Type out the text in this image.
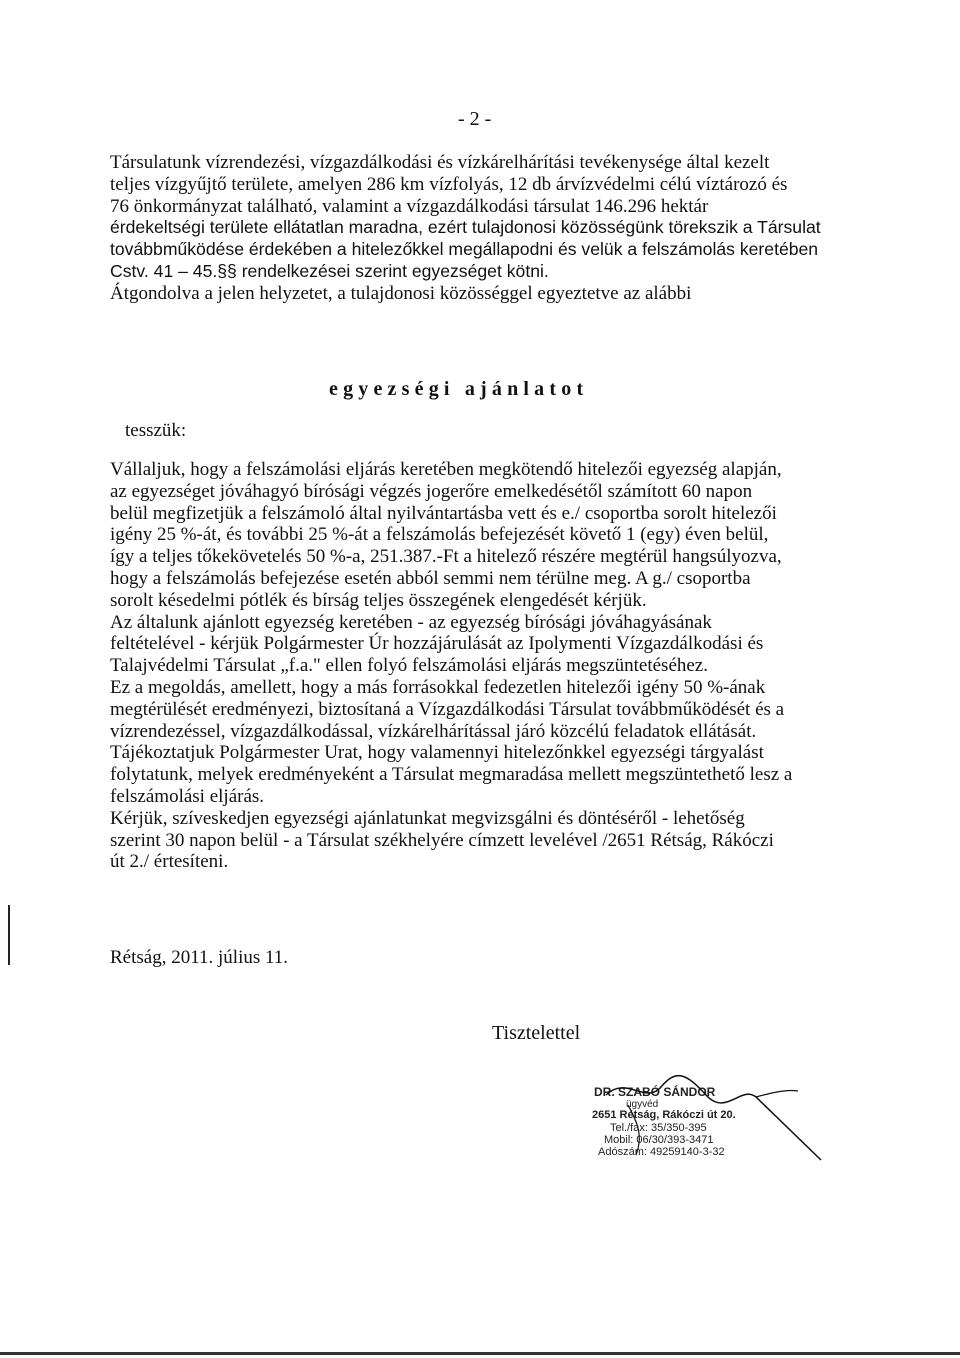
- 2 -
Társulatunk vízrendezési, vízgazdálkodási és vízkárelhárítási tevékenysége által kezelt
teljes vízgyűjtő területe, amelyen 286 km vízfolyás, 12 db árvízvédelmi célú víztározó és
76 önkormányzat található, valamint a vízgazdálkodási társulat 146.296 hektár
érdekeltségi területe ellátatlan maradna, ezért tulajdonosi közösségünk törekszik a Társulat
továbbműködése érdekében a hitelezőkkel megállapodni és velük a felszámolás keretében
Cstv. 41 – 45.§§ rendelkezései szerint egyezséget kötni.
Átgondolva a jelen helyzetet, a tulajdonosi közösséggel egyeztetve az alábbi
egyezségi ajánlatot
tesszük:
Vállaljuk, hogy a felszámolási eljárás keretében megkötendő hitelezői egyezség alapján,
az egyezséget jóváhagyó bírósági végzés jogerőre emelkedésétől számított 60 napon
belül megfizetjük a felszámoló által nyilvántartásba vett és e./ csoportba sorolt hitelezői
igény 25 %-át, és további 25 %-át a felszámolás befejezését követő 1 (egy) éven belül,
így a teljes tőkekövetelés 50 %-a, 251.387.-Ft a hitelező részére megtérül hangsúlyozva,
hogy a felszámolás befejezése esetén abból semmi nem térülne meg. A g./ csoportba
sorolt késedelmi pótlék és bírság teljes összegének elengedését kérjük.
Az általunk ajánlott egyezség keretében - az egyezség bírósági jóváhagyásának
feltételével - kérjük Polgármester Úr hozzájárulását az Ipolymenti Vízgazdálkodási és
Talajvédelmi Társulat „f.a." ellen folyó felszámolási eljárás megszüntetéséhez.
Ez a megoldás, amellett, hogy a más forrásokkal fedezetlen hitelezői igény 50 %-ának
megtérülését eredményezi, biztosítaná a Vízgazdálkodási Társulat továbbműködését és a
vízrendezéssel, vízgazdálkodással, vízkárelhárítással járó közcélú feladatok ellátását.
Tájékoztatjuk Polgármester Urat, hogy valamennyi hitelezőnkkel egyezségi tárgyalást
folytatunk, melyek eredményeként a Társulat megmaradása mellett megszüntethető lesz a
felszámolási eljárás.
Kérjük, szíveskedjen egyezségi ajánlatunkat megvizsgálni és döntéséről - lehetőség
szerint 30 napon belül - a Társulat székhelyére címzett levelével /2651 Rétság, Rákóczi
út 2./ értesíteni.
Rétság, 2011. július 11.
Tisztelettel
DR. SZABÓ SÁNDOR
ügyvéd
2651 Rétság, Rákóczi út 20.
Tel./fax: 35/350-395
Mobil: 06/30/393-3471
Adószám: 49259140-3-32
